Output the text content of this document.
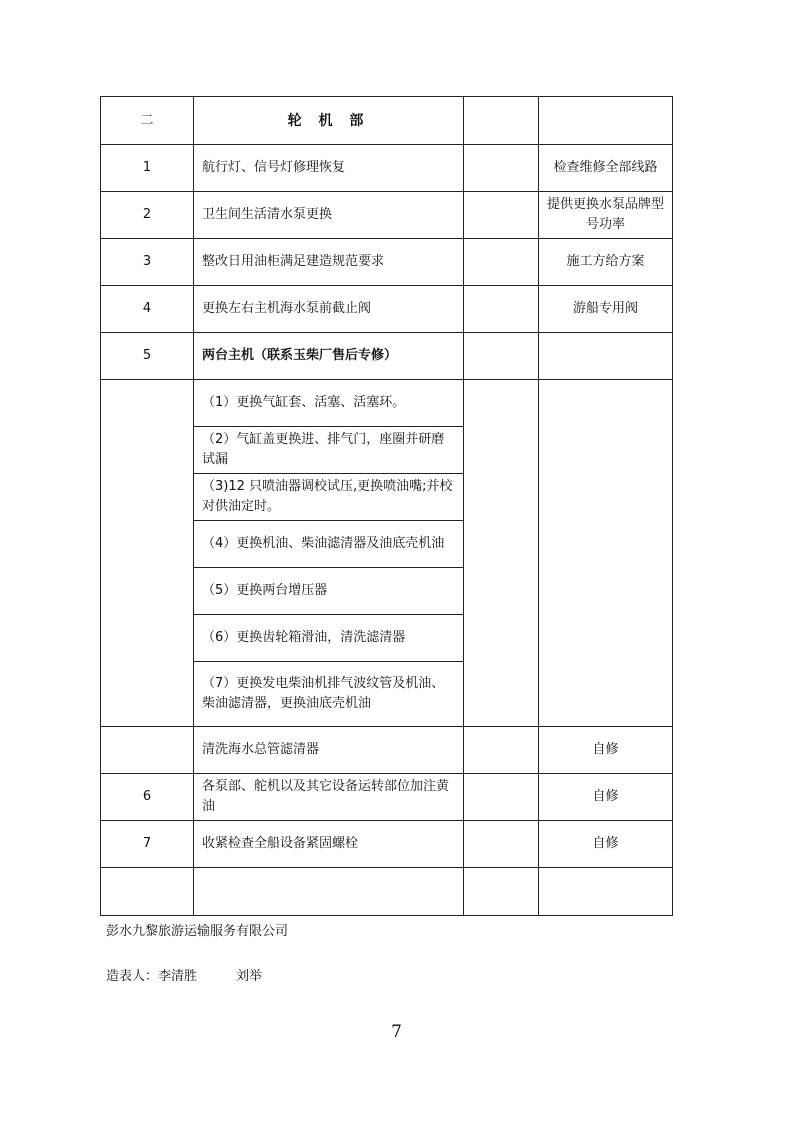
二	轮 机 部		
1	航行灯、信号灯修理恢复		检查维修全部线路
2	卫生间生活清水泵更换		提供更换水泵品牌型号功率
3	整改日用油柜满足建造规范要求		施工方给方案
4	更换左右主机海水泵前截止阀		游船专用阀
5	两台主机（联系玉柴厂售后专修）		
	（1）更换气缸套、活塞、活塞环。		
	（2）气缸盖更换进、排气门，座圈并研磨试漏		
	（3)12 只喷油器调校试压,更换喷油嘴;并校对供油定时。		
	（4）更换机油、柴油滤清器及油底壳机油		
	（5）更换两台增压器		
	（6）更换齿轮箱滑油，清洗滤清器		
	（7）更换发电柴油机排气波纹管及机油、　　　　　　柴油滤清器，更换油底壳机油		
	清洗海水总管滤清器		自修
6	各泵部、舵机以及其它设备运转部位加注黄油		自修
7	收紧检查全船设备紧固螺栓		自修

彭水九黎旅游运输服务有限公司
造表人：李清胜　　　刘举
7
